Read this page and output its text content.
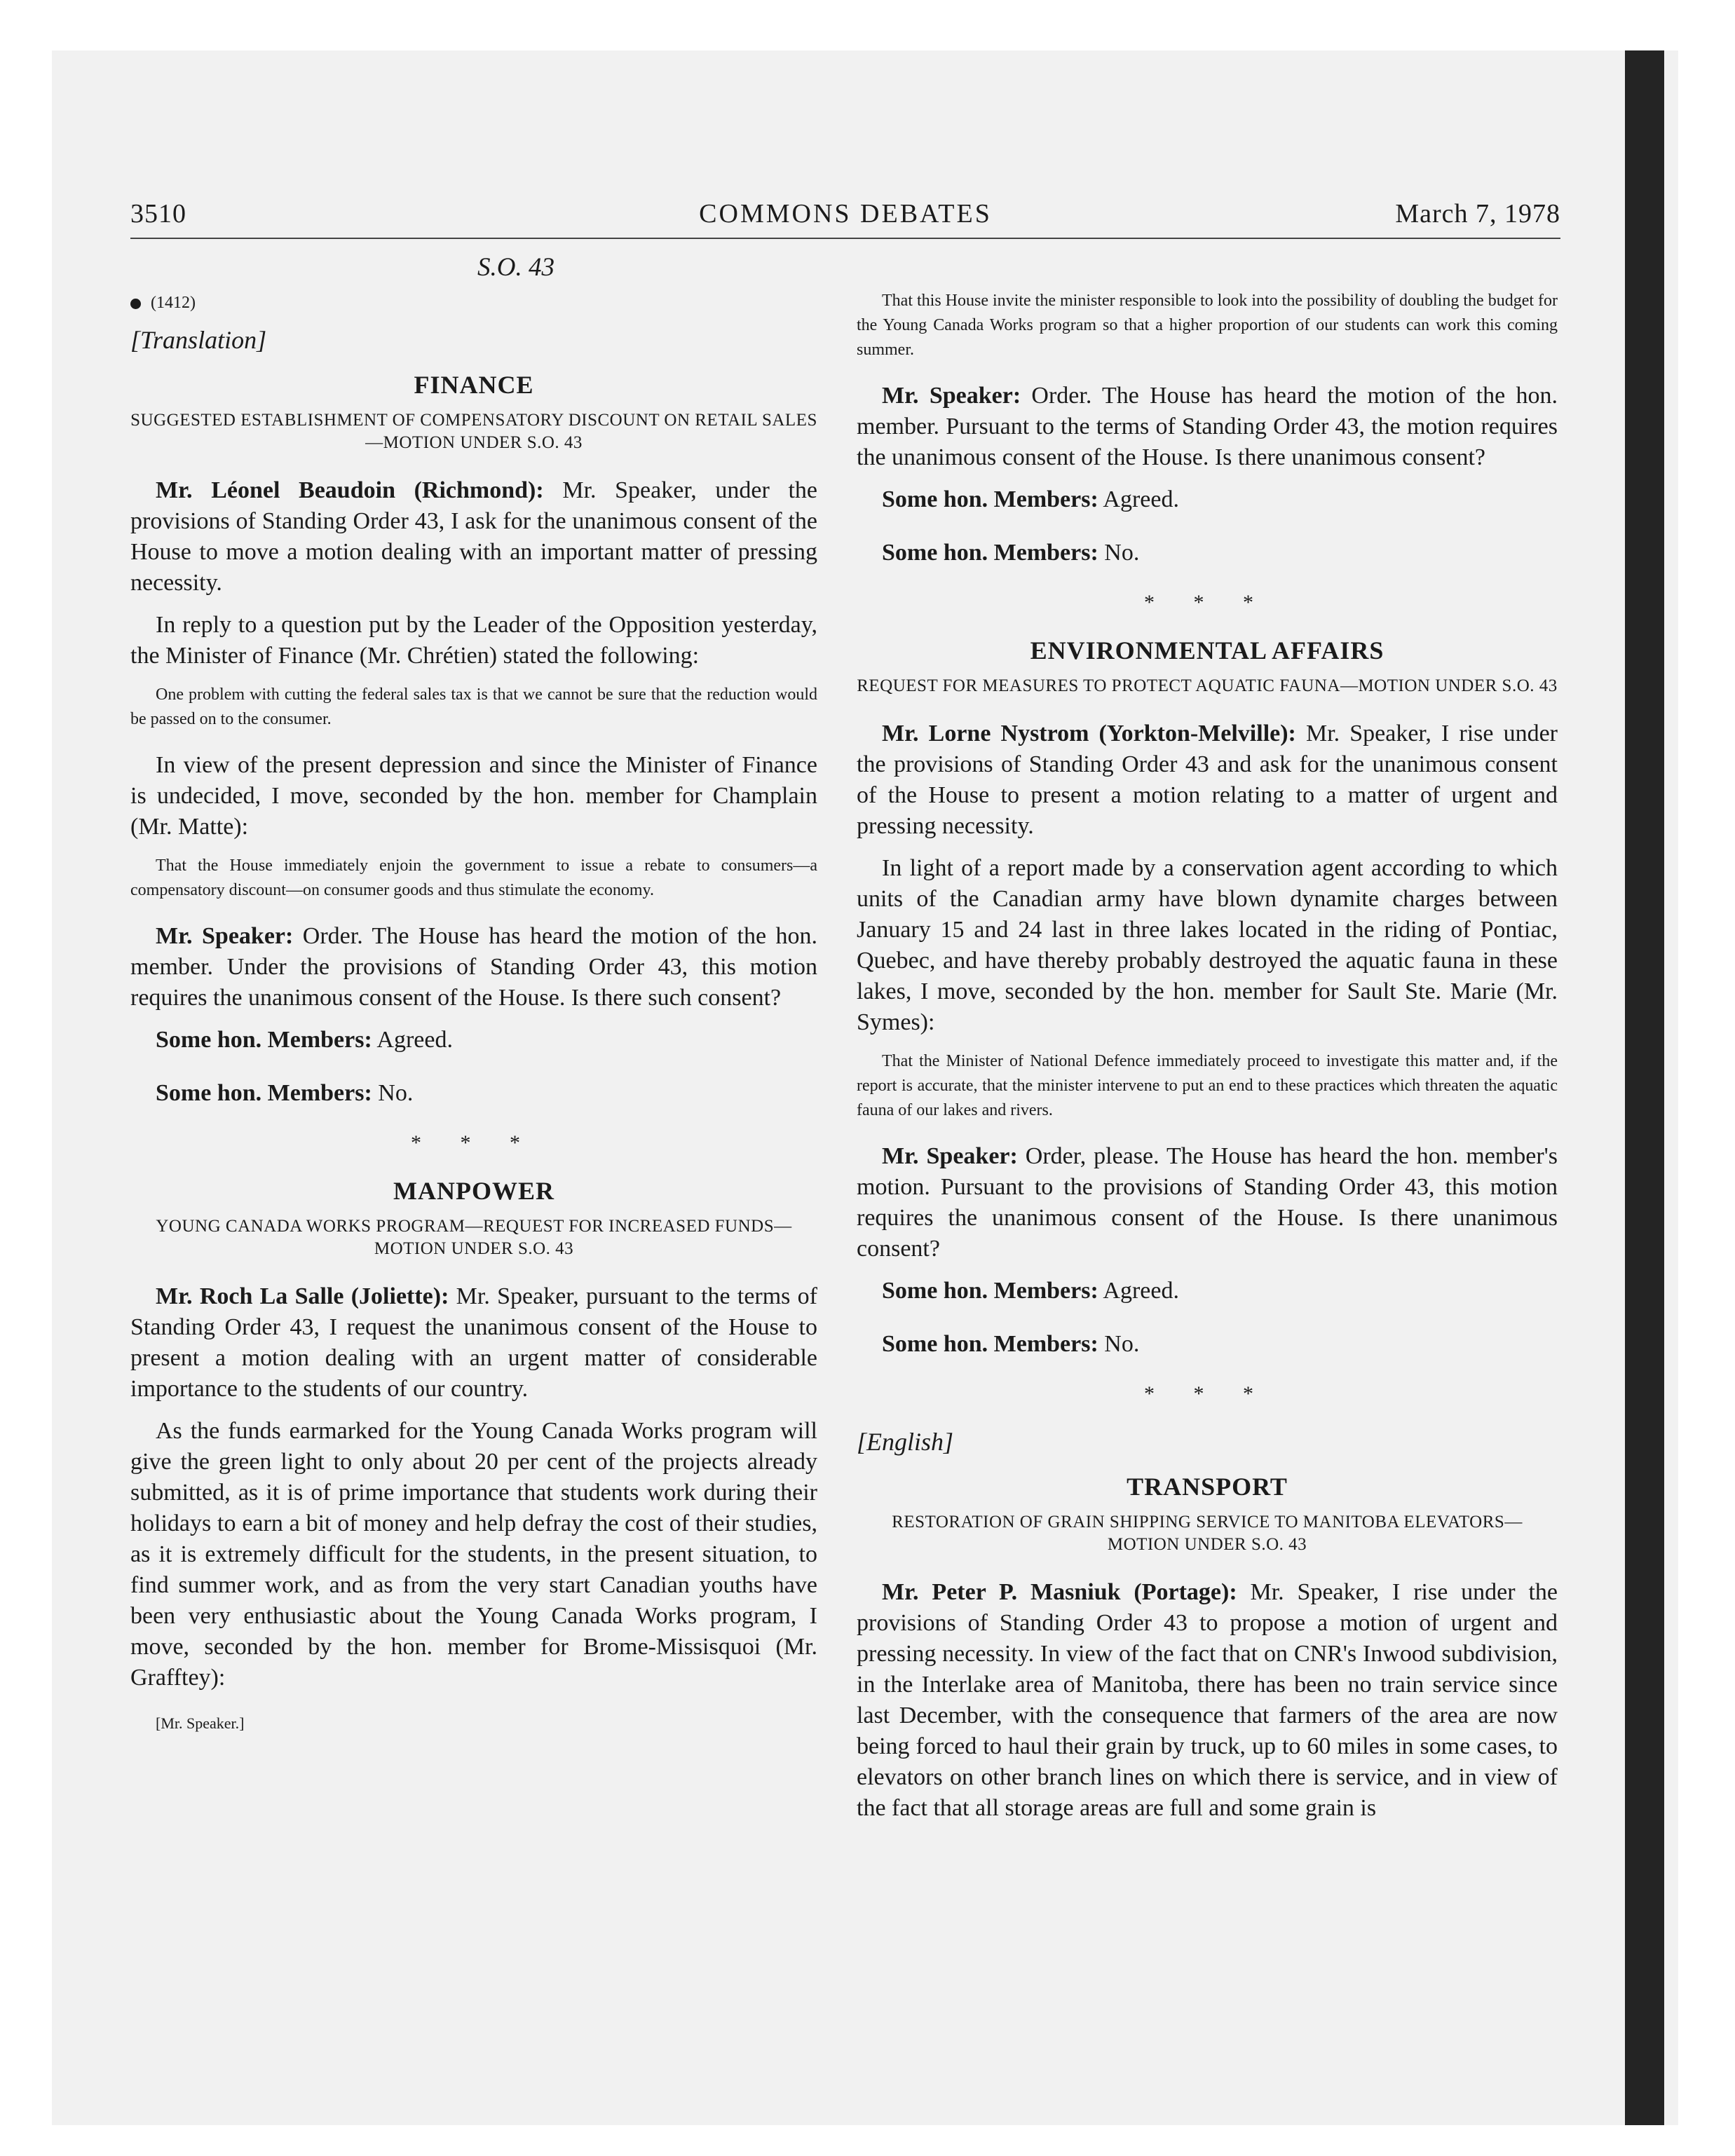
3510	COMMONS DEBATES	March 7, 1978
S.O. 43
(1412)
[Translation]
FINANCE
SUGGESTED ESTABLISHMENT OF COMPENSATORY DISCOUNT ON RETAIL SALES—MOTION UNDER S.O. 43
Mr. Léonel Beaudoin (Richmond): Mr. Speaker, under the provisions of Standing Order 43, I ask for the unanimous consent of the House to move a motion dealing with an important matter of pressing necessity.
In reply to a question put by the Leader of the Opposition yesterday, the Minister of Finance (Mr. Chrétien) stated the following:
One problem with cutting the federal sales tax is that we cannot be sure that the reduction would be passed on to the consumer.
In view of the present depression and since the Minister of Finance is undecided, I move, seconded by the hon. member for Champlain (Mr. Matte):
That the House immediately enjoin the government to issue a rebate to consumers—a compensatory discount—on consumer goods and thus stimulate the economy.
Mr. Speaker: Order. The House has heard the motion of the hon. member. Under the provisions of Standing Order 43, this motion requires the unanimous consent of the House. Is there such consent?
Some hon. Members: Agreed.
Some hon. Members: No.
* * *
MANPOWER
YOUNG CANADA WORKS PROGRAM—REQUEST FOR INCREASED FUNDS—MOTION UNDER S.O. 43
Mr. Roch La Salle (Joliette): Mr. Speaker, pursuant to the terms of Standing Order 43, I request the unanimous consent of the House to present a motion dealing with an urgent matter of considerable importance to the students of our country.
As the funds earmarked for the Young Canada Works program will give the green light to only about 20 per cent of the projects already submitted, as it is of prime importance that students work during their holidays to earn a bit of money and help defray the cost of their studies, as it is extremely difficult for the students, in the present situation, to find summer work, and as from the very start Canadian youths have been very enthusiastic about the Young Canada Works program, I move, seconded by the hon. member for Brome-Missisquoi (Mr. Grafftey):
[Mr. Speaker.]
That this House invite the minister responsible to look into the possibility of doubling the budget for the Young Canada Works program so that a higher proportion of our students can work this coming summer.
Mr. Speaker: Order. The House has heard the motion of the hon. member. Pursuant to the terms of Standing Order 43, the motion requires the unanimous consent of the House. Is there unanimous consent?
Some hon. Members: Agreed.
Some hon. Members: No.
* * *
ENVIRONMENTAL AFFAIRS
REQUEST FOR MEASURES TO PROTECT AQUATIC FAUNA—MOTION UNDER S.O. 43
Mr. Lorne Nystrom (Yorkton-Melville): Mr. Speaker, I rise under the provisions of Standing Order 43 and ask for the unanimous consent of the House to present a motion relating to a matter of urgent and pressing necessity.
In light of a report made by a conservation agent according to which units of the Canadian army have blown dynamite charges between January 15 and 24 last in three lakes located in the riding of Pontiac, Quebec, and have thereby probably destroyed the aquatic fauna in these lakes, I move, seconded by the hon. member for Sault Ste. Marie (Mr. Symes):
That the Minister of National Defence immediately proceed to investigate this matter and, if the report is accurate, that the minister intervene to put an end to these practices which threaten the aquatic fauna of our lakes and rivers.
Mr. Speaker: Order, please. The House has heard the hon. member's motion. Pursuant to the provisions of Standing Order 43, this motion requires the unanimous consent of the House. Is there unanimous consent?
Some hon. Members: Agreed.
Some hon. Members: No.
* * *
[English]
TRANSPORT
RESTORATION OF GRAIN SHIPPING SERVICE TO MANITOBA ELEVATORS—MOTION UNDER S.O. 43
Mr. Peter P. Masniuk (Portage): Mr. Speaker, I rise under the provisions of Standing Order 43 to propose a motion of urgent and pressing necessity. In view of the fact that on CNR's Inwood subdivision, in the Interlake area of Manitoba, there has been no train service since last December, with the consequence that farmers of the area are now being forced to haul their grain by truck, up to 60 miles in some cases, to elevators on other branch lines on which there is service, and in view of the fact that all storage areas are full and some grain is
